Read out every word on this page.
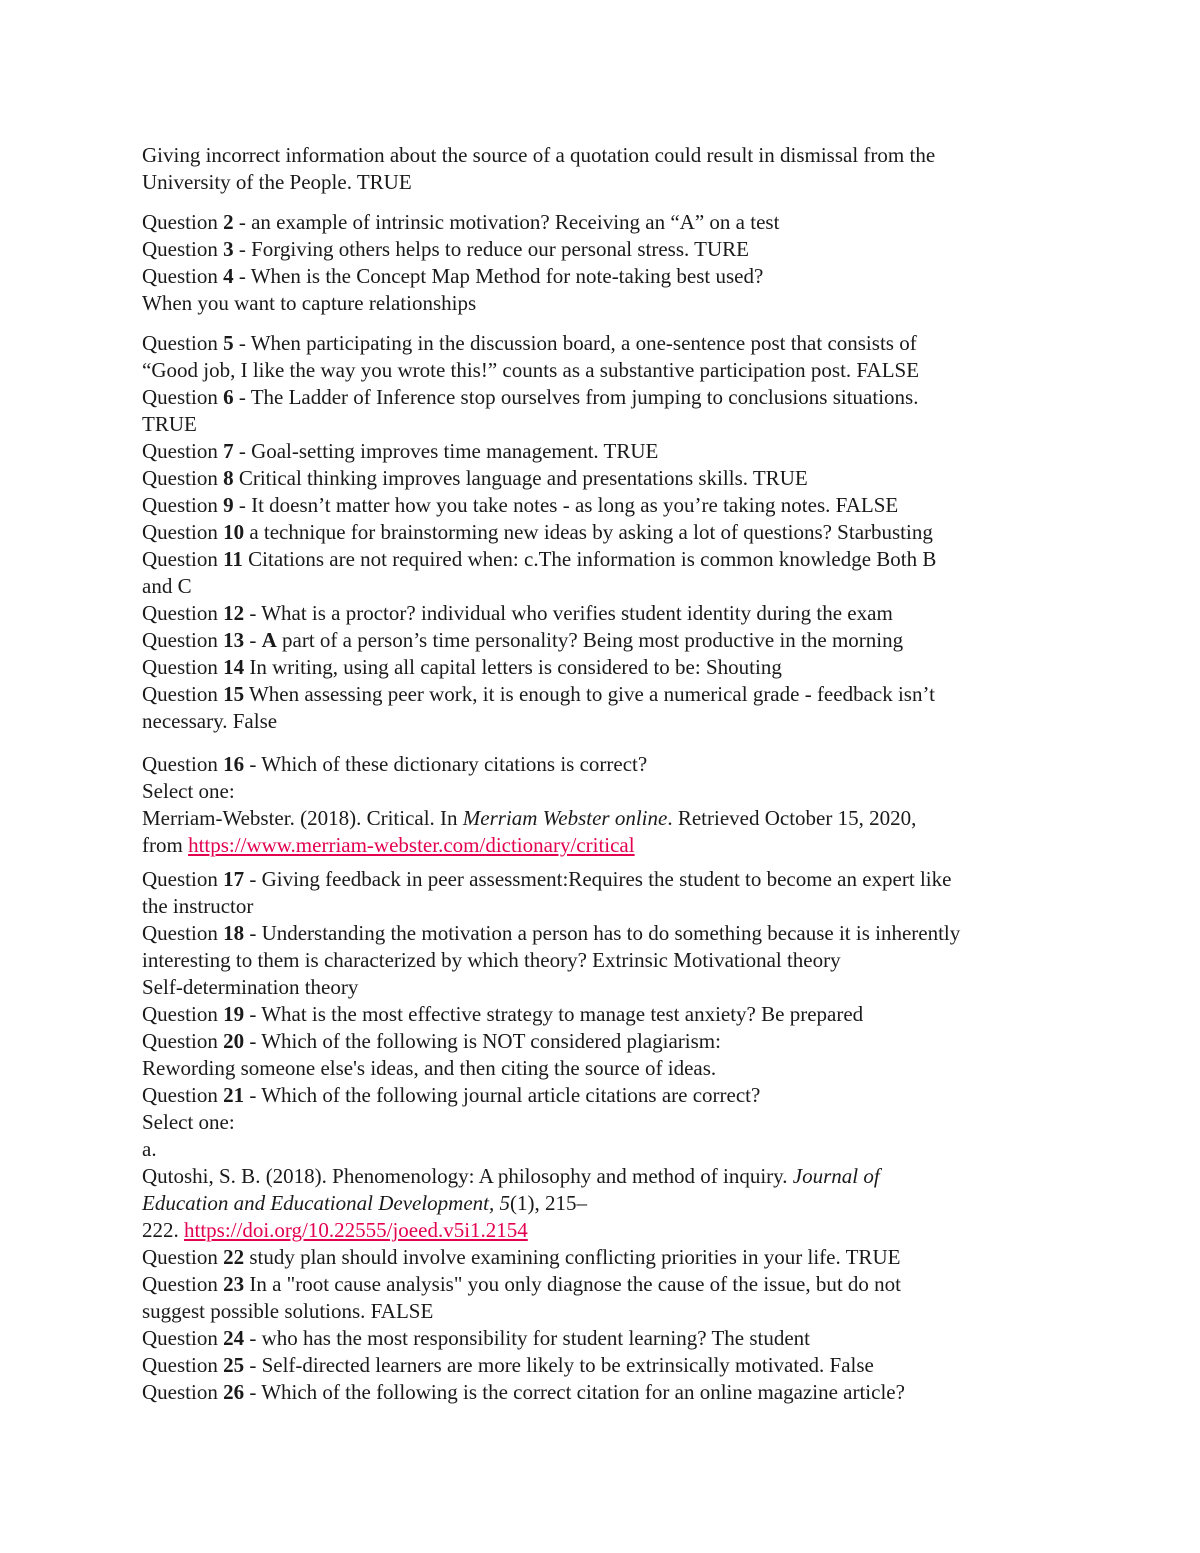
Giving incorrect information about the source of a quotation could result in dismissal from the
University of the People. TRUE
Question 2 - an example of intrinsic motivation? Receiving an “A” on a test
Question 3 - Forgiving others helps to reduce our personal stress. TURE
Question 4 - When is the Concept Map Method for note-taking best used?
When you want to capture relationships
Question 5 - When participating in the discussion board, a one-sentence post that consists of
“Good job, I like the way you wrote this!” counts as a substantive participation post. FALSE
Question 6 - The Ladder of Inference stop ourselves from jumping to conclusions situations.
TRUE
Question 7 - Goal-setting improves time management. TRUE
Question 8 Critical thinking improves language and presentations skills. TRUE
Question 9 - It doesn’t matter how you take notes - as long as you’re taking notes. FALSE
Question 10 a technique for brainstorming new ideas by asking a lot of questions? Starbusting
Question 11 Citations are not required when: c.The information is common knowledge Both B
and C
Question 12 - What is a proctor? individual who verifies student identity during the exam
Question 13 - A part of a person’s time personality? Being most productive in the morning
Question 14 In writing, using all capital letters is considered to be: Shouting
Question 15 When assessing peer work, it is enough to give a numerical grade - feedback isn’t
necessary. False
Question 16 - Which of these dictionary citations is correct?
Select one:
Merriam-Webster. (2018). Critical. In Merriam Webster online. Retrieved October 15, 2020,
from https://www.merriam-webster.com/dictionary/critical
Question 17 - Giving feedback in peer assessment:Requires the student to become an expert like
the instructor
Question 18 - Understanding the motivation a person has to do something because it is inherently
interesting to them is characterized by which theory? Extrinsic Motivational theory
Self-determination theory
Question 19 - What is the most effective strategy to manage test anxiety? Be prepared
Question 20 - Which of the following is NOT considered plagiarism:
Rewording someone else's ideas, and then citing the source of ideas.
Question 21 - Which of the following journal article citations are correct?
Select one:
a.
Qutoshi, S. B. (2018). Phenomenology: A philosophy and method of inquiry. Journal of
Education and Educational Development, 5(1), 215–
222. https://doi.org/10.22555/joeed.v5i1.2154
Question 22 study plan should involve examining conflicting priorities in your life. TRUE
Question 23 In a "root cause analysis" you only diagnose the cause of the issue, but do not
suggest possible solutions. FALSE
Question 24 - who has the most responsibility for student learning? The student
Question 25 - Self-directed learners are more likely to be extrinsically motivated. False
Question 26 - Which of the following is the correct citation for an online magazine article?
